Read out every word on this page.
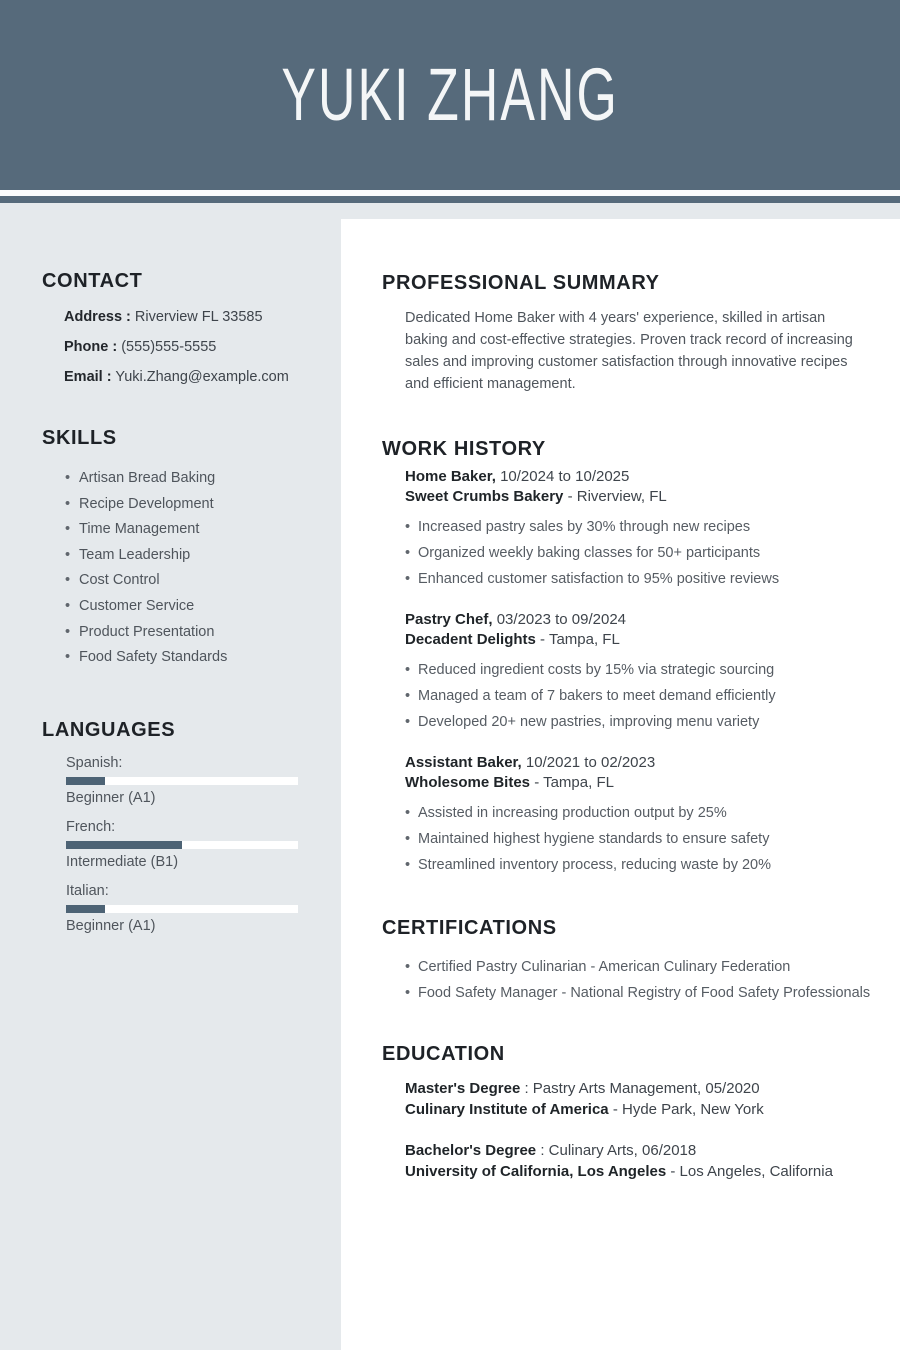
YUKI ZHANG
CONTACT
Address : Riverview FL 33585
Phone : (555)555-5555
Email : Yuki.Zhang@example.com
SKILLS
• Artisan Bread Baking
• Recipe Development
• Time Management
• Team Leadership
• Cost Control
• Customer Service
• Product Presentation
• Food Safety Standards
LANGUAGES
Spanish:
Beginner (A1)
French:
Intermediate (B1)
Italian:
Beginner (A1)
PROFESSIONAL SUMMARY

Dedicated Home Baker with 4 years' experience, skilled in artisan baking and cost-effective strategies. Proven track record of increasing sales and improving customer satisfaction through innovative recipes and efficient management.

WORK HISTORY
Home Baker, 10/2024 to 10/2025
Sweet Crumbs Bakery - Riverview, FL
• Increased pastry sales by 30% through new recipes
• Organized weekly baking classes for 50+ participants
• Enhanced customer satisfaction to 95% positive reviews
Pastry Chef, 03/2023 to 09/2024
Decadent Delights - Tampa, FL
• Reduced ingredient costs by 15% via strategic sourcing
• Managed a team of 7 bakers to meet demand efficiently
• Developed 20+ new pastries, improving menu variety
Assistant Baker, 10/2021 to 02/2023
Wholesome Bites - Tampa, FL
• Assisted in increasing production output by 25%
• Maintained highest hygiene standards to ensure safety
• Streamlined inventory process, reducing waste by 20%
CERTIFICATIONS
• Certified Pastry Culinarian - American Culinary Federation
• Food Safety Manager - National Registry of Food Safety Professionals
EDUCATION
Master's Degree : Pastry Arts Management, 05/2020
Culinary Institute of America - Hyde Park, New York
Bachelor's Degree : Culinary Arts, 06/2018
University of California, Los Angeles - Los Angeles, California
